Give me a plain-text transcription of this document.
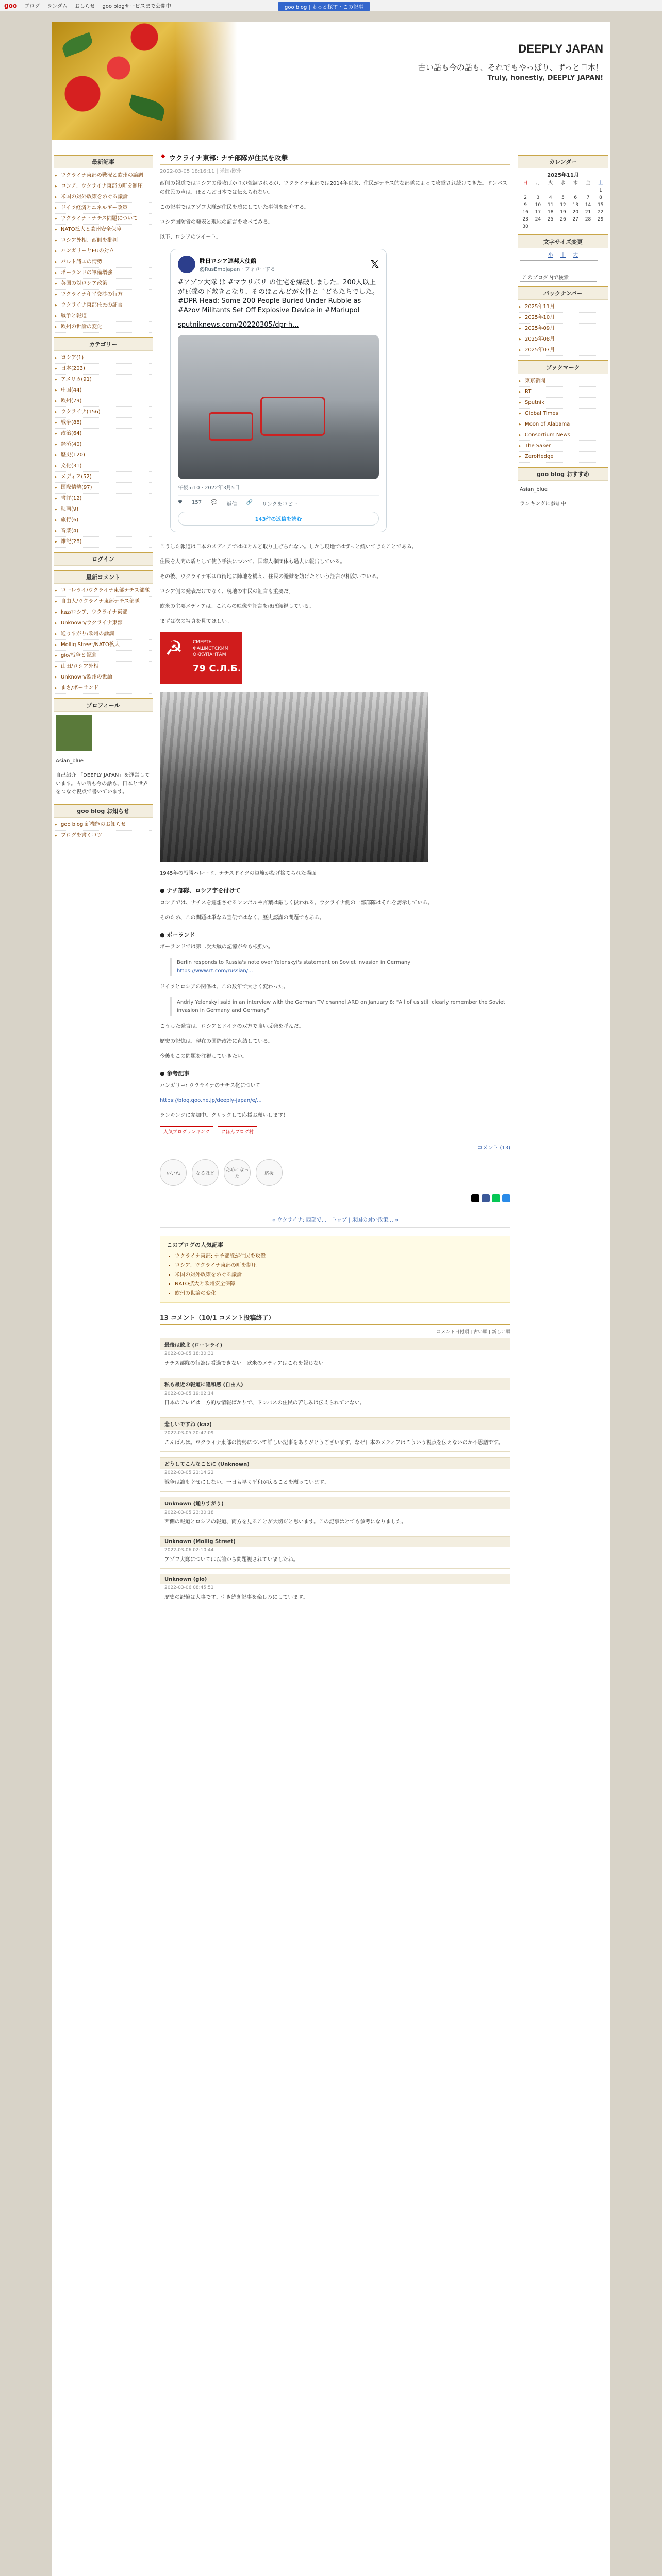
goo ブログ ランダム おしらせ goo blogサービスまで公開中	goo blog | もっと探す・この記事
DEEPLY JAPAN
古い話も今の話も、それでもやっぱり、ずっと日本！
Truly, honestly, DEEPLY JAPAN!
最新記事
▸ ウクライナ東部の戦況と欧州の論調
▸ ロシア、ウクライナ東部の町を制圧
▸ 米国の対外政策をめぐる議論
▸ ドイツ経済とエネルギー政策
▸ ウクライナ・ナチス問題について
▸ NATO拡大と欧州安全保障
▸ ロシア外相、西側を批判
▸ ハンガリーとEUの対立
▸ バルト諸国の情勢
▸ ポーランドの軍備増強
▸ 英国の対ロシア政策
▸ ウクライナ和平交渉の行方
▸ ウクライナ東部住民の証言
▸ 戦争と報道
▸ 欧州の世論の変化
カテゴリー
▸ ロシア(1)
▸ 日本(203)
▸ アメリカ(91)
▸ 中国(44)
▸ 欧州(79)
▸ ウクライナ(156)
▸ 戦争(88)
▸ 政治(64)
▸ 経済(40)
▸ 歴史(120)
▸ 文化(31)
▸ メディア(52)
▸ 国際情勢(97)
▸ 書評(12)
▸ 映画(9)
▸ 旅行(6)
▸ 音楽(4)
▸ 雑記(28)
ログイン
最新コメント
▸ ローレライ/ウクライナ東部ナチス部隊
▸ 自由人/ウクライナ東部ナチス部隊
▸ kaz/ロシア、ウクライナ東部
▸ Unknown/ウクライナ東部
▸ 通りすがり/欧州の論調
▸ Mollig Street/NATO拡大
▸ gio/戦争と報道
▸ 山田/ロシア外相
▸ Unknown/欧州の世論
▸ まさ/ポーランド
プロフィール
Asian_blue
自己紹介 「DEEPLY JAPAN」を運営しています。古い話も今の話も、日本と世界をつなぐ視点で書いています。
goo blog お知らせ
▸ goo blog 新機能のお知らせ
▸ ブログを書くコツ
◆ ウクライナ東部: ナチ部隊が住民を攻撃
2022-03-05 18:16:11 | 米国/欧州

西側の報道ではロシアの侵攻ばかりが強調されるが、ウクライナ東部では2014年以来、住民がナチス的な部隊によって攻撃され続けてきた。ドンバスの住民の声は、ほとんど日本では伝えられない。

この記事ではアゾフ大隊が住民を盾にしていた事例を紹介する。

ロシア国防省の発表と現地の証言を並べてみる。

以下、ロシアのツイート。

駐日ロシア連邦大使館
@RusEmbJapan · フォローする	𝕏
#アゾフ大隊 は #マウリポリ の住宅を爆破しました。200人以上が瓦礫の下敷きとなり、そのほとんどが女性と子どもたちでした。 #DPR Head: Some 200 People Buried Under Rubble as #Azov Militants Set Off Explosive Device in #Mariupol
sputniknews.com/20220305/dpr-h...
午後5:10 · 2022年3月5日
♥ 157 💬 返信 🔗 リンクをコピー
143件の返信を読む

こうした報道は日本のメディアではほとんど取り上げられない。しかし現地ではずっと続いてきたことである。

住民を人間の盾として使う手法について、国際人権団体も過去に報告している。

その後、ウクライナ軍は市街地に陣地を構え、住民の避難を妨げたという証言が相次いでいる。

ロシア側の発表だけでなく、現地の市民の証言も重要だ。

欧米の主要メディアは、これらの映像や証言をほぼ無視している。

まずは次の写真を見てほしい。

☭ СМЕРТЬ ФАШИСТСКИМ ОККУПАНТАМ
79 С.Л.Б.

1945年の戦勝パレード。ナチスドイツの軍旗が投げ捨てられた場面。

● ナチ部隊、ロシア字を付けて

ロシアでは、ナチスを連想させるシンボルや言葉は厳しく扱われる。ウクライナ側の一部部隊はそれを誇示している。

そのため、この問題は単なる宣伝ではなく、歴史認識の問題でもある。

● ポーランド

ポーランドでは第二次大戦の記憶が今も根強い。

Berlin responds to Russia's note over Yelenskyi's statement on Soviet invasion in Germany
https://www.rt.com/russian/...

ドイツとロシアの関係は、この数年で大きく変わった。

Andriy Yelenskyi said in an interview with the German TV channel ARD on January 8: "All of us still clearly remember the Soviet invasion in Germany and Germany"

こうした発言は、ロシアとドイツの双方で強い反発を呼んだ。

歴史の記憶は、現在の国際政治に直結している。

今後もこの問題を注視していきたい。

● 参考記事

ハンガリー: ウクライナのナチス化について

https://blog.goo.ne.jp/deeply-japan/e/...

ランキングに参加中。クリックして応援お願いします！

人気ブログランキング	にほんブログ村
コメント (13)
いいね	なるほど
ためになった
応援
« ウクライナ: 西部で… | トップ | 米国の対外政策… »
このブログの人気記事
• ウクライナ東部: ナチ部隊が住民を攻撃
• ロシア、ウクライナ東部の町を制圧
• 米国の対外政策をめぐる議論
• NATO拡大と欧州安全保障
• 欧州の世論の変化
13 コメント（10/1 コメント投稿終了）
コメント日付順 | 古い順 | 新しい順
最後は敗北 (ローレライ)
2022-03-05 18:30:31
ナチス部隊の行為は看過できない。欧米のメディアはこれを報じない。
私も最近の報道に違和感 (自由人)
2022-03-05 19:02:14
日本のテレビは一方的な情報ばかりで、ドンバスの住民の苦しみは伝えられていない。
悲しいですね (kaz)
2022-03-05 20:47:09
こんばんは。ウクライナ東部の情勢について詳しい記事をありがとうございます。なぜ日本のメディアはこういう視点を伝えないのか不思議です。
どうしてこんなことに (Unknown)
2022-03-05 21:14:22
戦争は誰も幸せにしない。一日も早く平和が戻ることを願っています。
Unknown (通りすがり)
2022-03-05 23:30:18
西側の報道とロシアの報道、両方を見ることが大切だと思います。この記事はとても参考になりました。
Unknown (Mollig Street)
2022-03-06 02:10:44
アゾフ大隊については以前から問題視されていましたね。
Unknown (gio)
2022-03-06 08:45:51
歴史の記憶は大事です。引き続き記事を楽しみにしています。
カレンダー
2025年11月
日	月	火	水	木	金	土
						1
2	3	4	5	6	7	8
9	10	11	12	13	14	15
16	17	18	19	20	21	22
23	24	25	26	27	28	29
30						
文字サイズ変更
小 中 大
このブログ内で検索
バックナンバー
▸ 2025年11月
▸ 2025年10月
▸ 2025年09月
▸ 2025年08月
▸ 2025年07月
ブックマーク
▸ 東京新聞
▸ RT
▸ Sputnik
▸ Global Times
▸ Moon of Alabama
▸ Consortium News
▸ The Saker
▸ ZeroHedge
goo blog おすすめ
Asian_blue
ランキングに参加中
